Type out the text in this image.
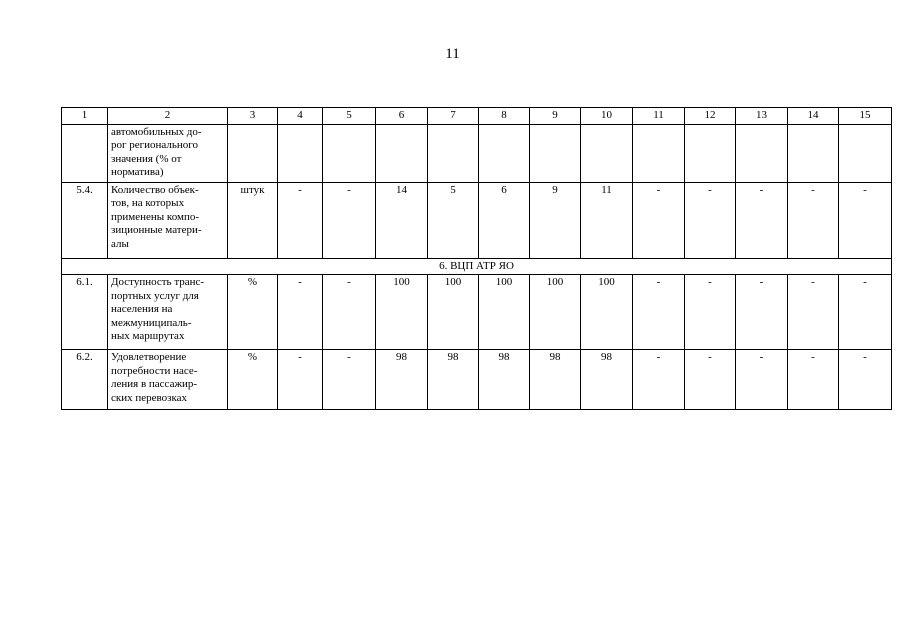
11
1	2	3	4	5	6	7	8	9	10	11	12	13	14	15
	автомобильных до-
рог регионального
значения (% от
норматива)													
5.4.	Количество объек-
тов, на которых
применены компо-
зиционные матери-
алы	штук	-	-	14	5	6	9	11	-	-	-	-	-
6. ВЦП АТР ЯО														
6.1.	Доступность транс-
портных услуг для
населения на
межмуниципаль-
ных маршрутах	%	-	-	100	100	100	100	100	-	-	-	-	-
6.2.	Удовлетворение
потребности насе-
ления в пассажир-
ских перевозках	%	-	-	98	98	98	98	98	-	-	-	-	-
